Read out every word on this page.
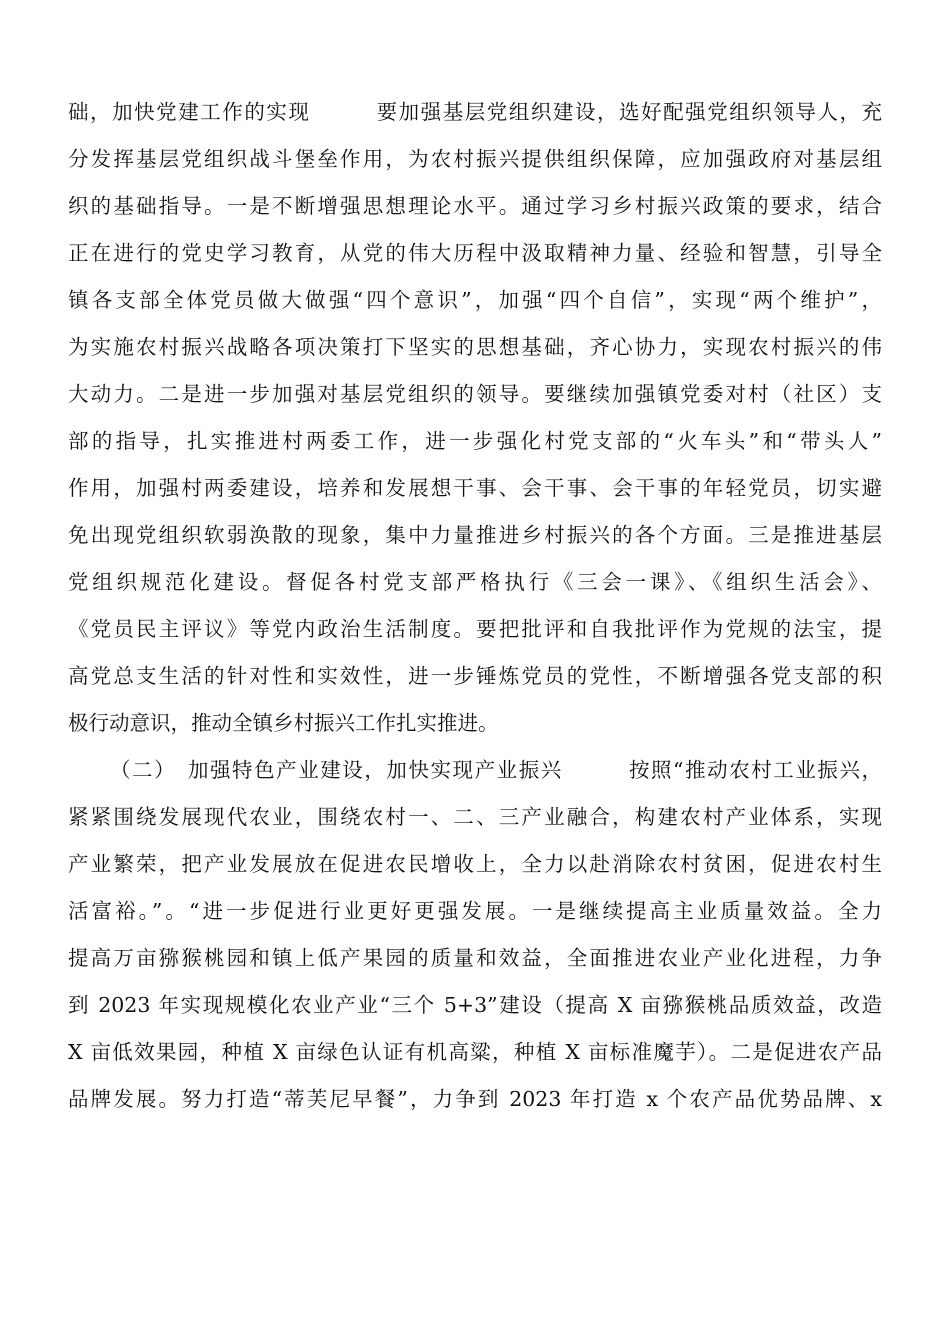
础，加快党建工作的实现　　　要加强基层党组织建设，选好配强党组织领导人，充
分发挥基层党组织战斗堡垒作用，为农村振兴提供组织保障，应加强政府对基层组
织的基础指导。一是不断增强思想理论水平。通过学习乡村振兴政策的要求，结合
正在进行的党史学习教育，从党的伟大历程中汲取精神力量、经验和智慧，引导全
镇各支部全体党员做大做强“四个意识”，加强“四个自信”，实现“两个维护”，
为实施农村振兴战略各项决策打下坚实的思想基础，齐心协力，实现农村振兴的伟
大动力。二是进一步加强对基层党组织的领导。要继续加强镇党委对村（社区）支
部的指导，扎实推进村两委工作，进一步强化村党支部的“火车头”和“带头人”
作用，加强村两委建设，培养和发展想干事、会干事、会干事的年轻党员，切实避
免出现党组织软弱涣散的现象，集中力量推进乡村振兴的各个方面。三是推进基层
党组织规范化建设。督促各村党支部严格执行《三会一课》、《组织生活会》、
《党员民主评议》等党内政治生活制度。要把批评和自我批评作为党规的法宝，提
高党总支生活的针对性和实效性，进一步锤炼党员的党性，不断增强各党支部的积
极行动意识，推动全镇乡村振兴工作扎实推进。
（二）　加强特色产业建设，加快实现产业振兴　　　按照“推动农村工业振兴，
紧紧围绕发展现代农业，围绕农村一、二、三产业融合，构建农村产业体系，实现
产业繁荣，把产业发展放在促进农民增收上，全力以赴消除农村贫困，促进农村生
活富裕。”。“进一步促进行业更好更强发展。一是继续提高主业质量效益。全力
提高万亩猕猴桃园和镇上低产果园的质量和效益，全面推进农业产业化进程，力争
到 2023 年实现规模化农业产业“三个 5+3”建设（提高 X 亩猕猴桃品质效益，改造
X 亩低效果园，种植 X 亩绿色认证有机高粱，种植 X 亩标准魔芋）。二是促进农产品
品牌发展。努力打造“蒂芙尼早餐”，力争到 2023 年打造 x 个农产品优势品牌、x
